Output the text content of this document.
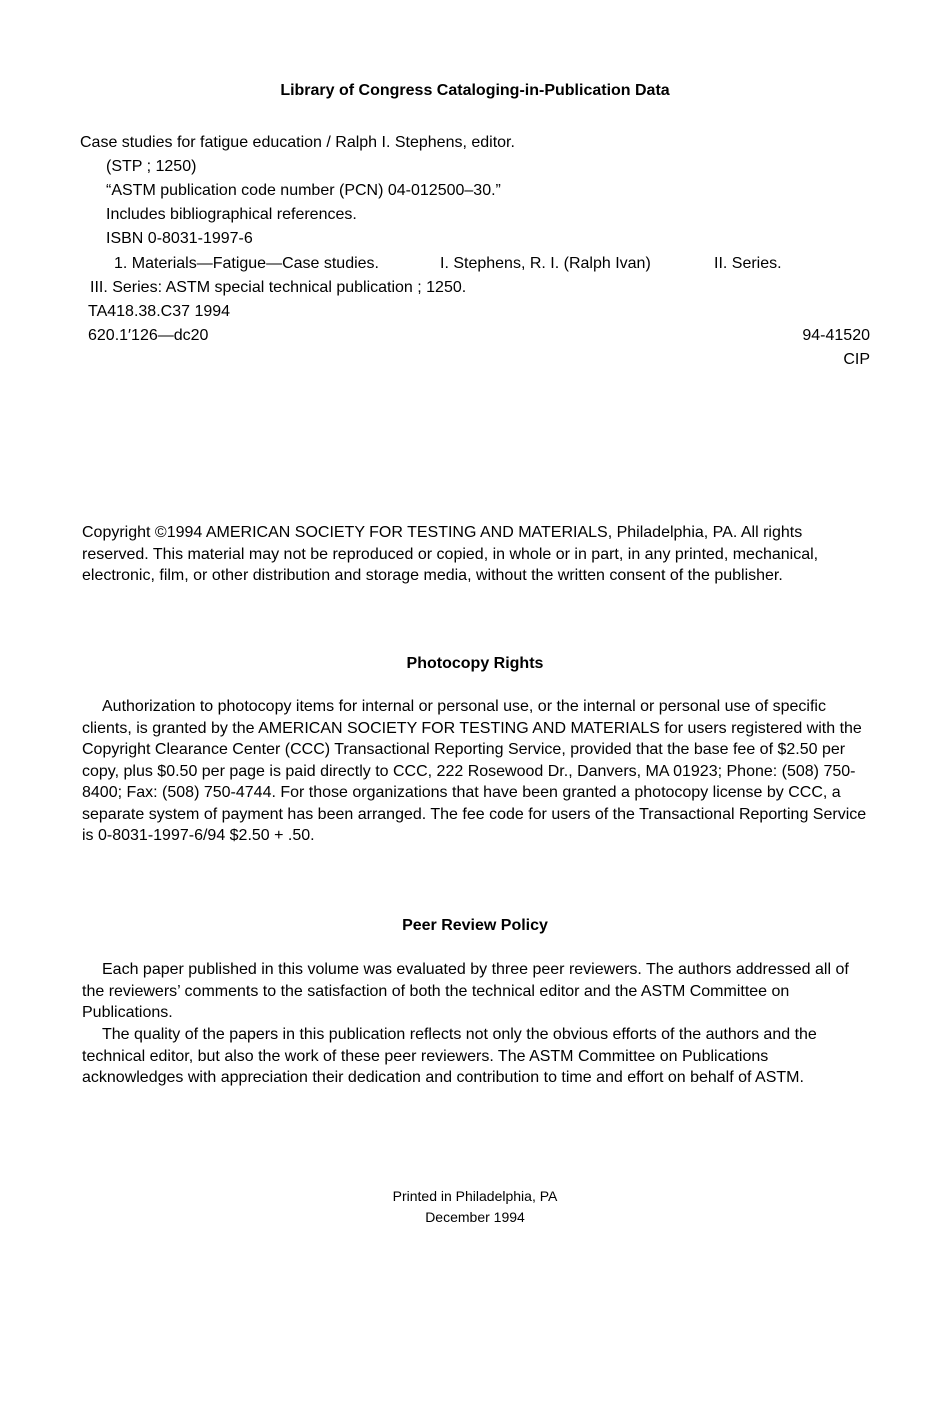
Library of Congress Cataloging-in-Publication Data
Case studies for fatigue education / Ralph I. Stephens, editor.
(STP ; 1250)
“ASTM publication code number (PCN) 04-012500–30.”
Includes bibliographical references.
ISBN 0-8031-1997-6
1. Materials—Fatigue—Case studies.	I. Stephens, R. I. (Ralph Ivan)	II. Series.
III. Series: ASTM special technical publication ; 1250.
TA418.38.C37 1994
620.1′126—dc20	94-41520
CIP
Copyright ©1994 AMERICAN SOCIETY FOR TESTING AND MATERIALS, Philadelphia, PA. All rights reserved. This material may not be reproduced or copied, in whole or in part, in any printed, mechanical, electronic, film, or other distribution and storage media, without the written consent of the publisher.
Photocopy Rights
Authorization to photocopy items for internal or personal use, or the internal or personal use of specific clients, is granted by the AMERICAN SOCIETY FOR TESTING AND MATERIALS for users registered with the Copyright Clearance Center (CCC) Transactional Reporting Service, provided that the base fee of $2.50 per copy, plus $0.50 per page is paid directly to CCC, 222 Rosewood Dr., Danvers, MA 01923; Phone: (508) 750-8400; Fax: (508) 750-4744. For those organizations that have been granted a photocopy license by CCC, a separate system of payment has been arranged. The fee code for users of the Transactional Reporting Service is 0-8031-1997-6/94 $2.50 + .50.
Peer Review Policy
Each paper published in this volume was evaluated by three peer reviewers. The authors addressed all of the reviewers’ comments to the satisfaction of both the technical editor and the ASTM Committee on Publications.
The quality of the papers in this publication reflects not only the obvious efforts of the authors and the technical editor, but also the work of these peer reviewers. The ASTM Committee on Publications acknowledges with appreciation their dedication and contribution to time and effort on behalf of ASTM.
Printed in Philadelphia, PA
December 1994
